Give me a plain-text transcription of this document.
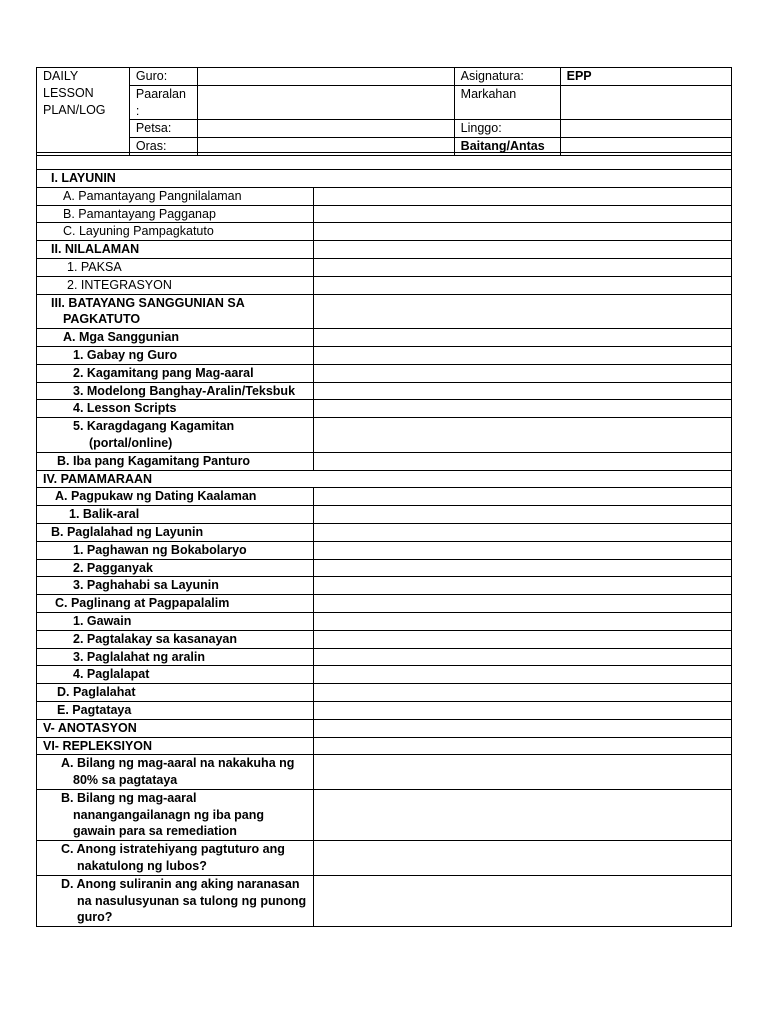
DAILY LESSON PLAN/LOG	Guro:		Asignatura:	EPP
	Paaralan :		Markahan	
	Petsa:		Linggo:	
	Oras:		Baitang/Antas	

I. LAYUNIN	
A. Pamantayang Pangnilalaman	
B. Pamantayang Pagganap	
C. Layuning Pampagkatuto	
II. NILALAMAN	
1. PAKSA	
2. INTEGRASYON	
III. BATAYANG SANGGUNIAN SA PAGKATUTO	
A. Mga Sanggunian	
1. Gabay ng Guro	
2. Kagamitang pang Mag-aaral	
3. Modelong Banghay-Aralin/Teksbuk	
4. Lesson Scripts	
5. Karagdagang Kagamitan (portal/online)	
B. Iba pang Kagamitang Panturo	
IV. PAMAMARAAN	
A. Pagpukaw ng Dating Kaalaman	
1. Balik-aral	
B. Paglalahad ng Layunin	
1. Paghawan ng Bokabolaryo	
2. Pagganyak	
3. Paghahabi sa Layunin	
C. Paglinang at Pagpapalalim	
1. Gawain	
2. Pagtalakay sa kasanayan	
3. Paglalahat ng aralin	
4. Paglalapat	
D. Paglalahat	
E. Pagtataya	
V- ANOTASYON	
VI- REPLEKSIYON	
A. Bilang ng mag-aaral na nakakuha ng 80% sa pagtataya	
B. Bilang ng mag-aaral nanangangailanagn ng iba pang gawain para sa remediation	
C. Anong istratehiyang pagtuturo ang nakatulong ng lubos?	
D. Anong suliranin ang aking naranasan na nasulusyunan sa tulong ng punong guro?	
